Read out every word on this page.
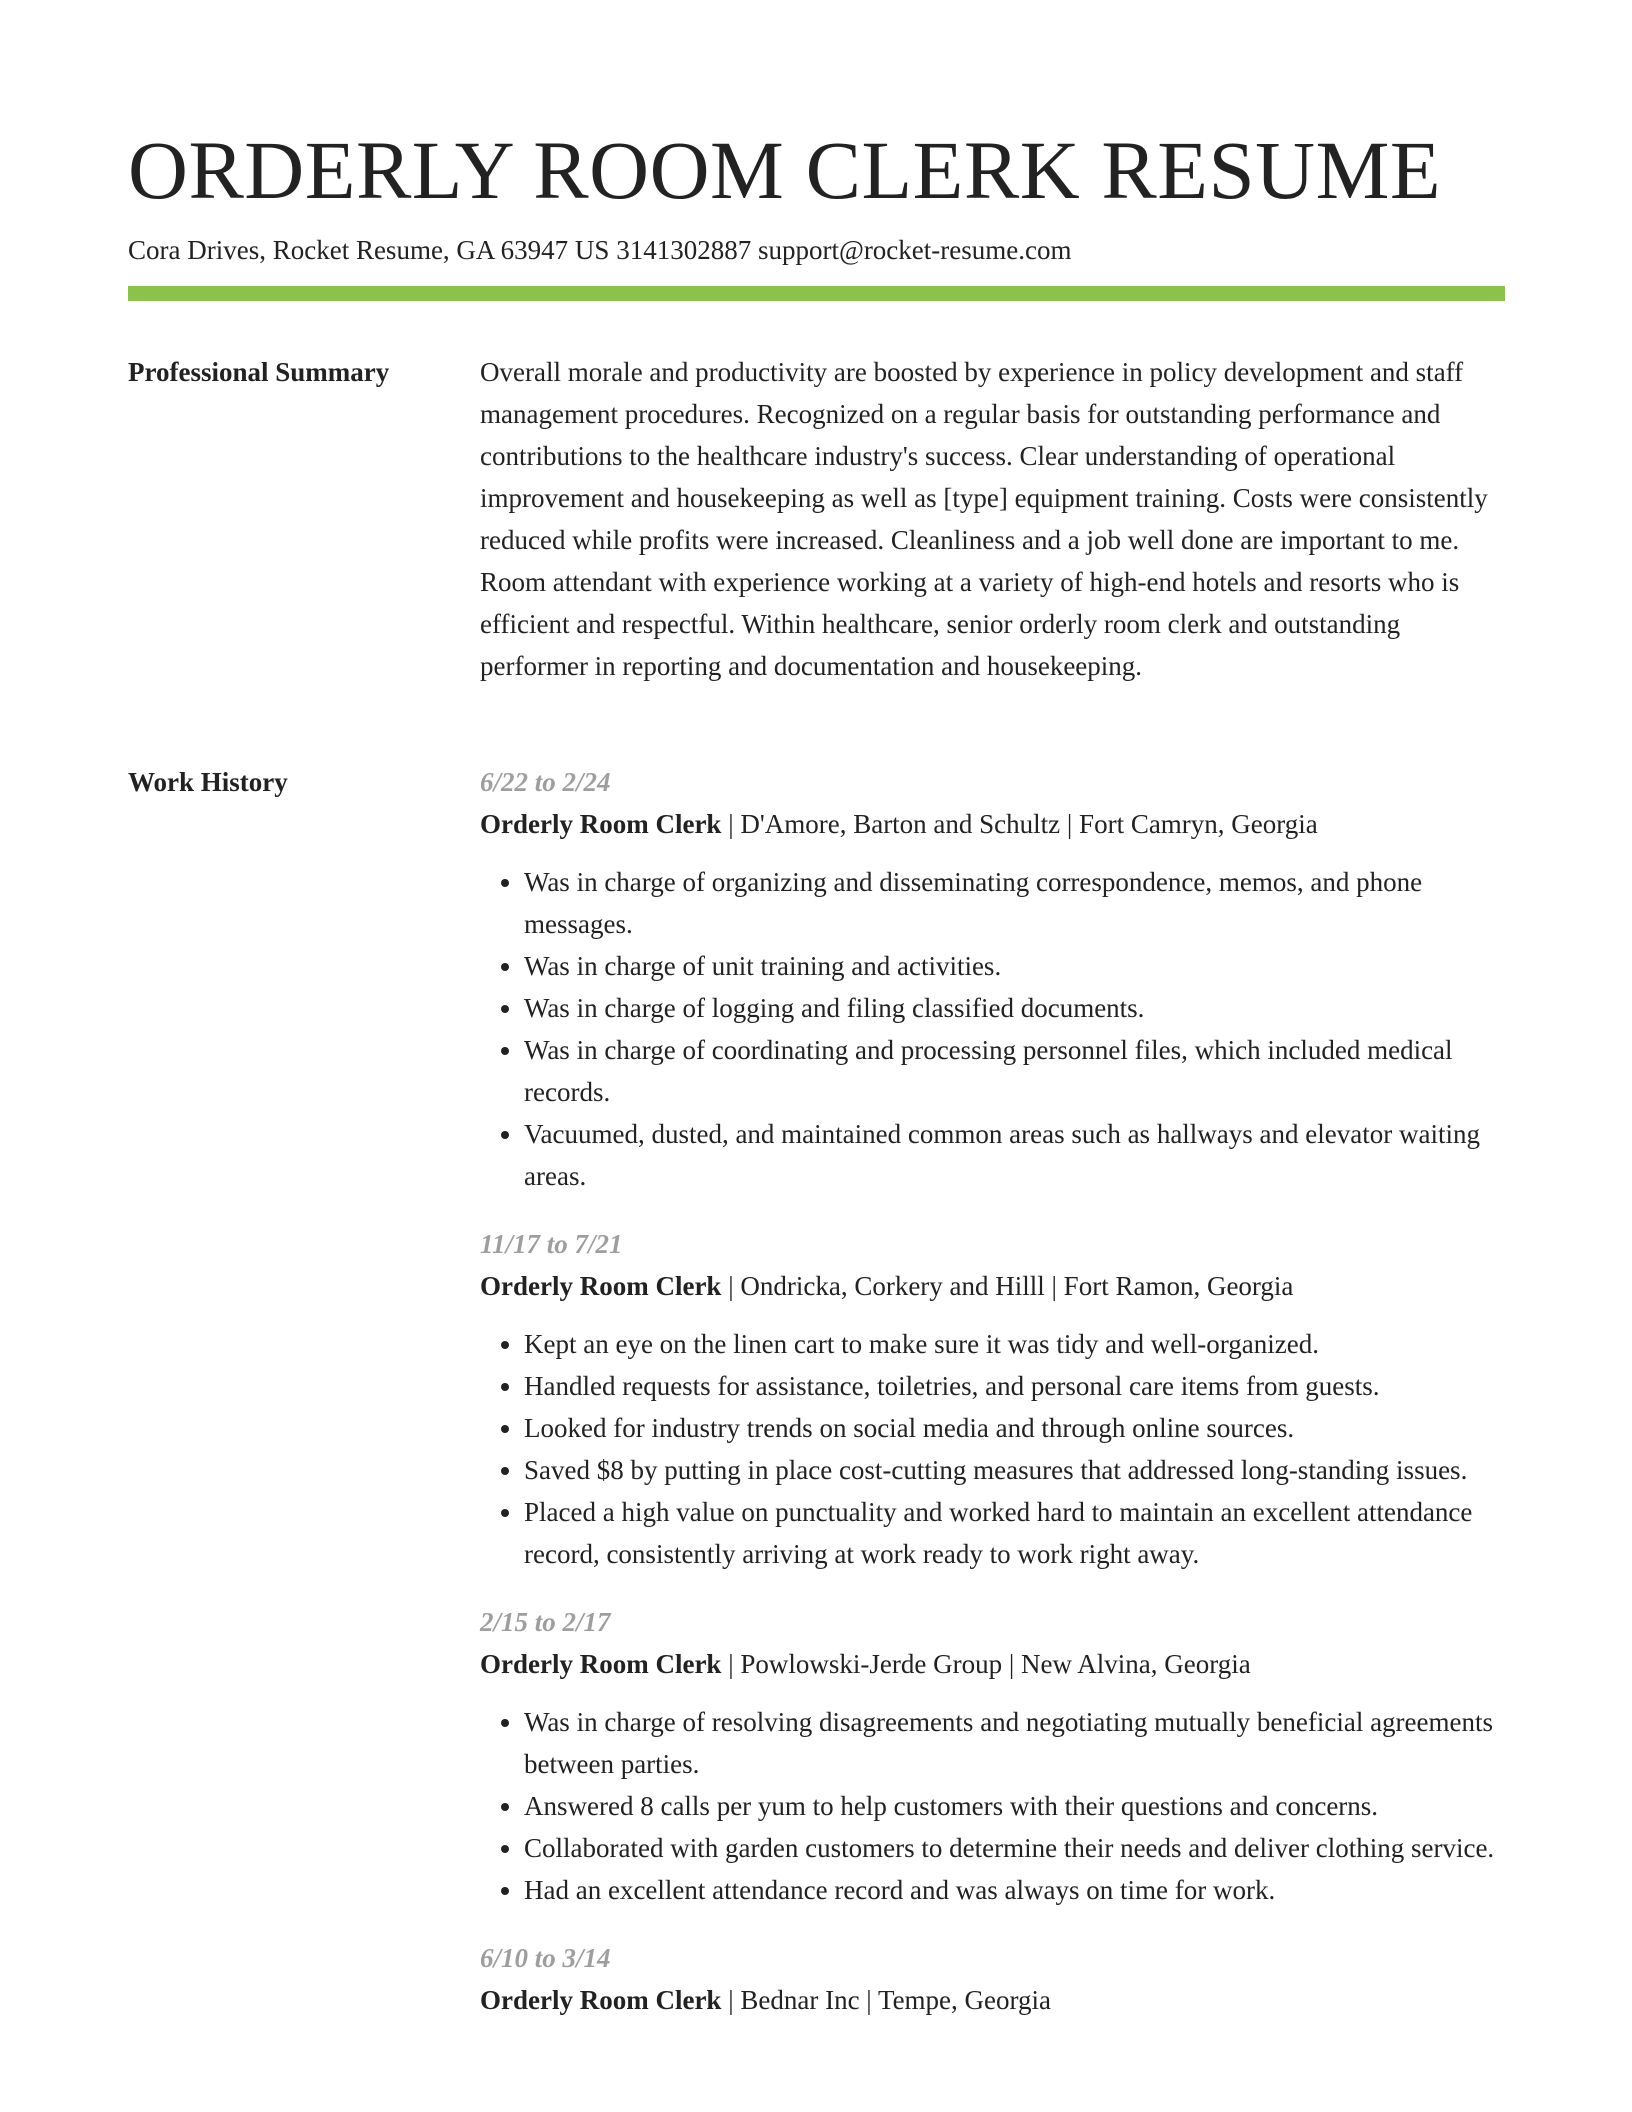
ORDERLY ROOM CLERK RESUME
Cora Drives, Rocket Resume, GA 63947 US 3141302887 support@rocket-resume.com
Professional Summary	Overall morale and productivity are boosted by experience in policy development and staff management procedures. Recognized on a regular basis for outstanding performance and contributions to the healthcare industry's success. Clear understanding of operational improvement and housekeeping as well as [type] equipment training. Costs were consistently reduced while profits were increased. Cleanliness and a job well done are important to me. Room attendant with experience working at a variety of high-end hotels and resorts who is efficient and respectful. Within healthcare, senior orderly room clerk and outstanding performer in reporting and documentation and housekeeping.

Work History	6/22 to 2/24
Orderly Room Clerk | D'Amore, Barton and Schultz | Fort Camryn, Georgia
• Was in charge of organizing and disseminating correspondence, memos, and phone messages.
• Was in charge of unit training and activities.
• Was in charge of logging and filing classified documents.
• Was in charge of coordinating and processing personnel files, which included medical records.
• Vacuumed, dusted, and maintained common areas such as hallways and elevator waiting areas.
11/17 to 7/21
Orderly Room Clerk | Ondricka, Corkery and Hilll | Fort Ramon, Georgia
• Kept an eye on the linen cart to make sure it was tidy and well-organized.
• Handled requests for assistance, toiletries, and personal care items from guests.
• Looked for industry trends on social media and through online sources.
• Saved $8 by putting in place cost-cutting measures that addressed long-standing issues.
• Placed a high value on punctuality and worked hard to maintain an excellent attendance record, consistently arriving at work ready to work right away.
2/15 to 2/17
Orderly Room Clerk | Powlowski-Jerde Group | New Alvina, Georgia
• Was in charge of resolving disagreements and negotiating mutually beneficial agreements between parties.
• Answered 8 calls per yum to help customers with their questions and concerns.
• Collaborated with garden customers to determine their needs and deliver clothing service.
• Had an excellent attendance record and was always on time for work.
6/10 to 3/14
Orderly Room Clerk | Bednar Inc | Tempe, Georgia
